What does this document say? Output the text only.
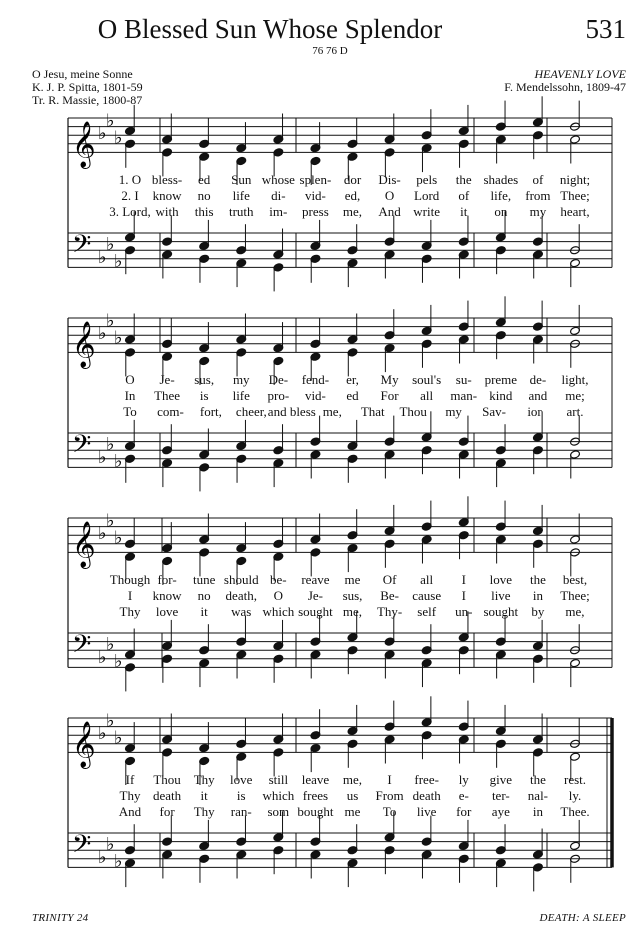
O Blessed Sun Whose Splendor	531
76 76 D
O Jesu, meine Sonne
K. J. P. Spitta, 1801-59
Tr. R. Massie, 1800-87
HEAVENLY LOVE
F. Mendelssohn, 1809-47
1. O bless- ed Sun whose splen- dor Dis- pels the shades of night;
2. I know no life di- vid- ed, O Lord of life, from Thee;
3. Lord, with this truth im- press me, And write it on my heart,
𝄞 ♭
♭
♭
𝄢 ♭
♭
♭
O Je- sus, my De- fend- er, My soul's su- preme de- light,
In Thee is life pro- vid- ed For all man- kind and me;
To com- fort, cheer, and bless me, That Thou my Sav- ior art.
𝄞 ♭
♭
♭
𝄢 ♭
♭
♭
Though for- tune should be- reave me Of all I love the best,
I know no death, O Je- sus, Be- cause I live in Thee;
Thy love it was which sought me, Thy- self un- sought by me,
𝄞 ♭
♭
♭
𝄢 ♭
♭
♭
If Thou Thy love still leave me, I free- ly give the rest.
Thy death it is which frees us From death e- ter- nal- ly.
And for Thy ran- som bought me To live for aye in Thee.
𝄞 ♭
♭
♭
𝄢 ♭
♭
♭
TRINITY 24	DEATH: A SLEEP
